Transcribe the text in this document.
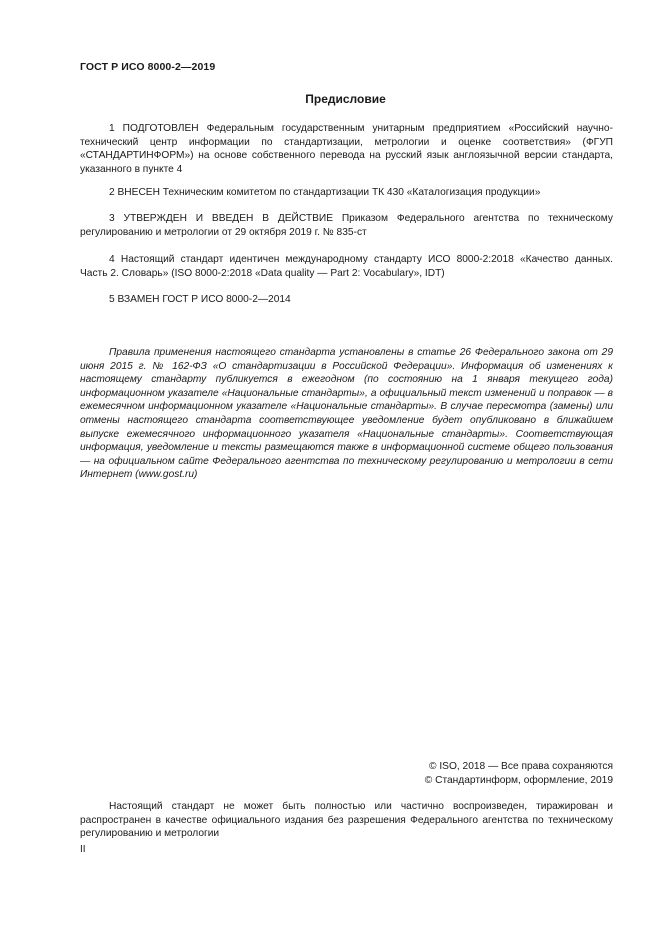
ГОСТ Р ИСО 8000-2—2019
Предисловие

1 ПОДГОТОВЛЕН Федеральным государственным унитарным предприятием «Российский научно-технический центр информации по стандартизации, метрологии и оценке соответствия» (ФГУП «СТАНДАРТИНФОРМ») на основе собственного перевода на русский язык англоязычной версии стандарта, указанного в пункте 4

2 ВНЕСЕН Техническим комитетом по стандартизации ТК 430 «Каталогизация продукции»

3 УТВЕРЖДЕН И ВВЕДЕН В ДЕЙСТВИЕ Приказом Федерального агентства по техническому регулированию и метрологии от 29 октября 2019 г. № 835-ст

4 Настоящий стандарт идентичен международному стандарту ИСО 8000-2:2018 «Качество данных. Часть 2. Словарь» (ISO 8000-2:2018 «Data quality — Part 2: Vocabulary», IDT)

5 ВЗАМЕН ГОСТ Р ИСО 8000-2—2014

Правила применения настоящего стандарта установлены в статье 26 Федерального закона от 29 июня 2015 г. № 162-ФЗ «О стандартизации в Российской Федерации». Информация об изменениях к настоящему стандарту публикуется в ежегодном (по состоянию на 1 января текущего года) информационном указателе «Национальные стандарты», а официальный текст изменений и поправок — в ежемесячном информационном указателе «Национальные стандарты». В случае пересмотра (замены) или отмены настоящего стандарта соответствующее уведомление будет опубликовано в ближайшем выпуске ежемесячного информационного указателя «Национальные стандарты». Соответствующая информация, уведомление и тексты размещаются также в информационной системе общего пользования — на официальном сайте Федерального агентства по техническому регулированию и метрологии в сети Интернет (www.gost.ru)

© ISO, 2018 — Все права сохраняются
© Стандартинформ, оформление, 2019

Настоящий стандарт не может быть полностью или частично воспроизведен, тиражирован и распространен в качестве официального издания без разрешения Федерального агентства по техническому регулированию и метрологии

II
